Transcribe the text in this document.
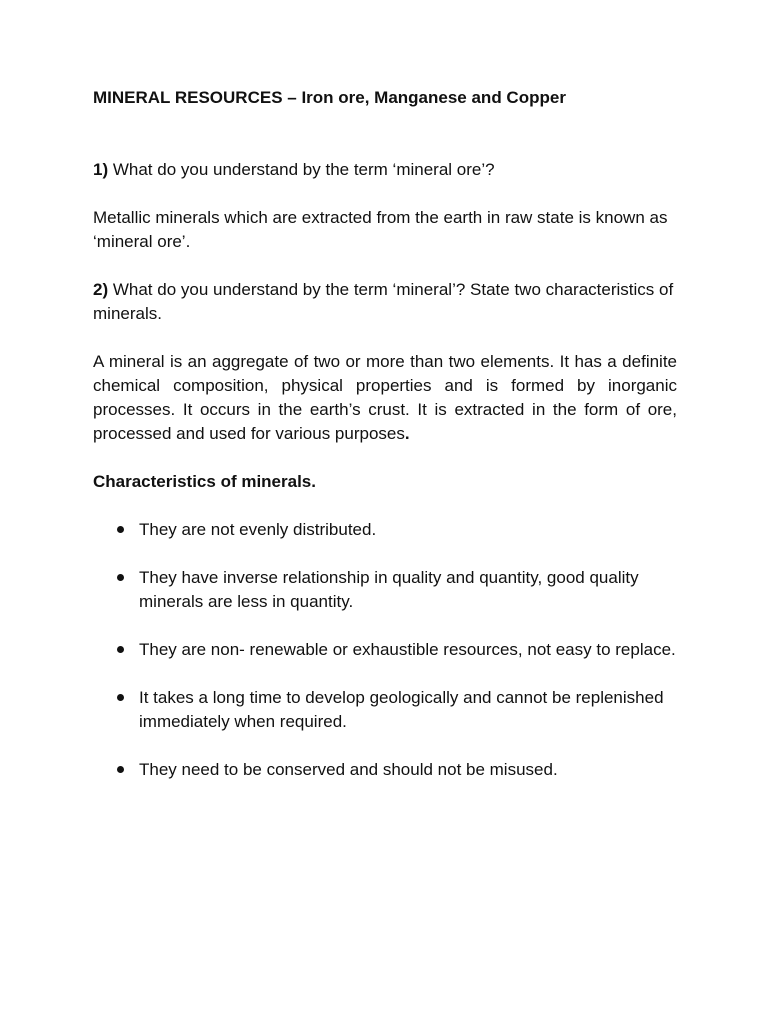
MINERAL RESOURCES – Iron ore, Manganese and Copper

1) What do you understand by the term ‘mineral ore’?

Metallic minerals which are extracted from the earth in raw state is known as ‘mineral ore’.

2) What do you understand by the term ‘mineral’? State two characteristics of minerals.

A mineral is an aggregate of two or more than two elements. It has a definite chemical composition, physical properties and is formed by inorganic processes. It occurs in the earth’s crust. It is extracted in the form of ore, processed and used for various purposes.

Characteristics of minerals.

They are not evenly distributed.
They have inverse relationship in quality and quantity, good quality minerals are less in quantity.
They are non- renewable or exhaustible resources, not easy to replace.
It takes a long time to develop geologically and cannot be replenished immediately when required.
They need to be conserved and should not be misused.
